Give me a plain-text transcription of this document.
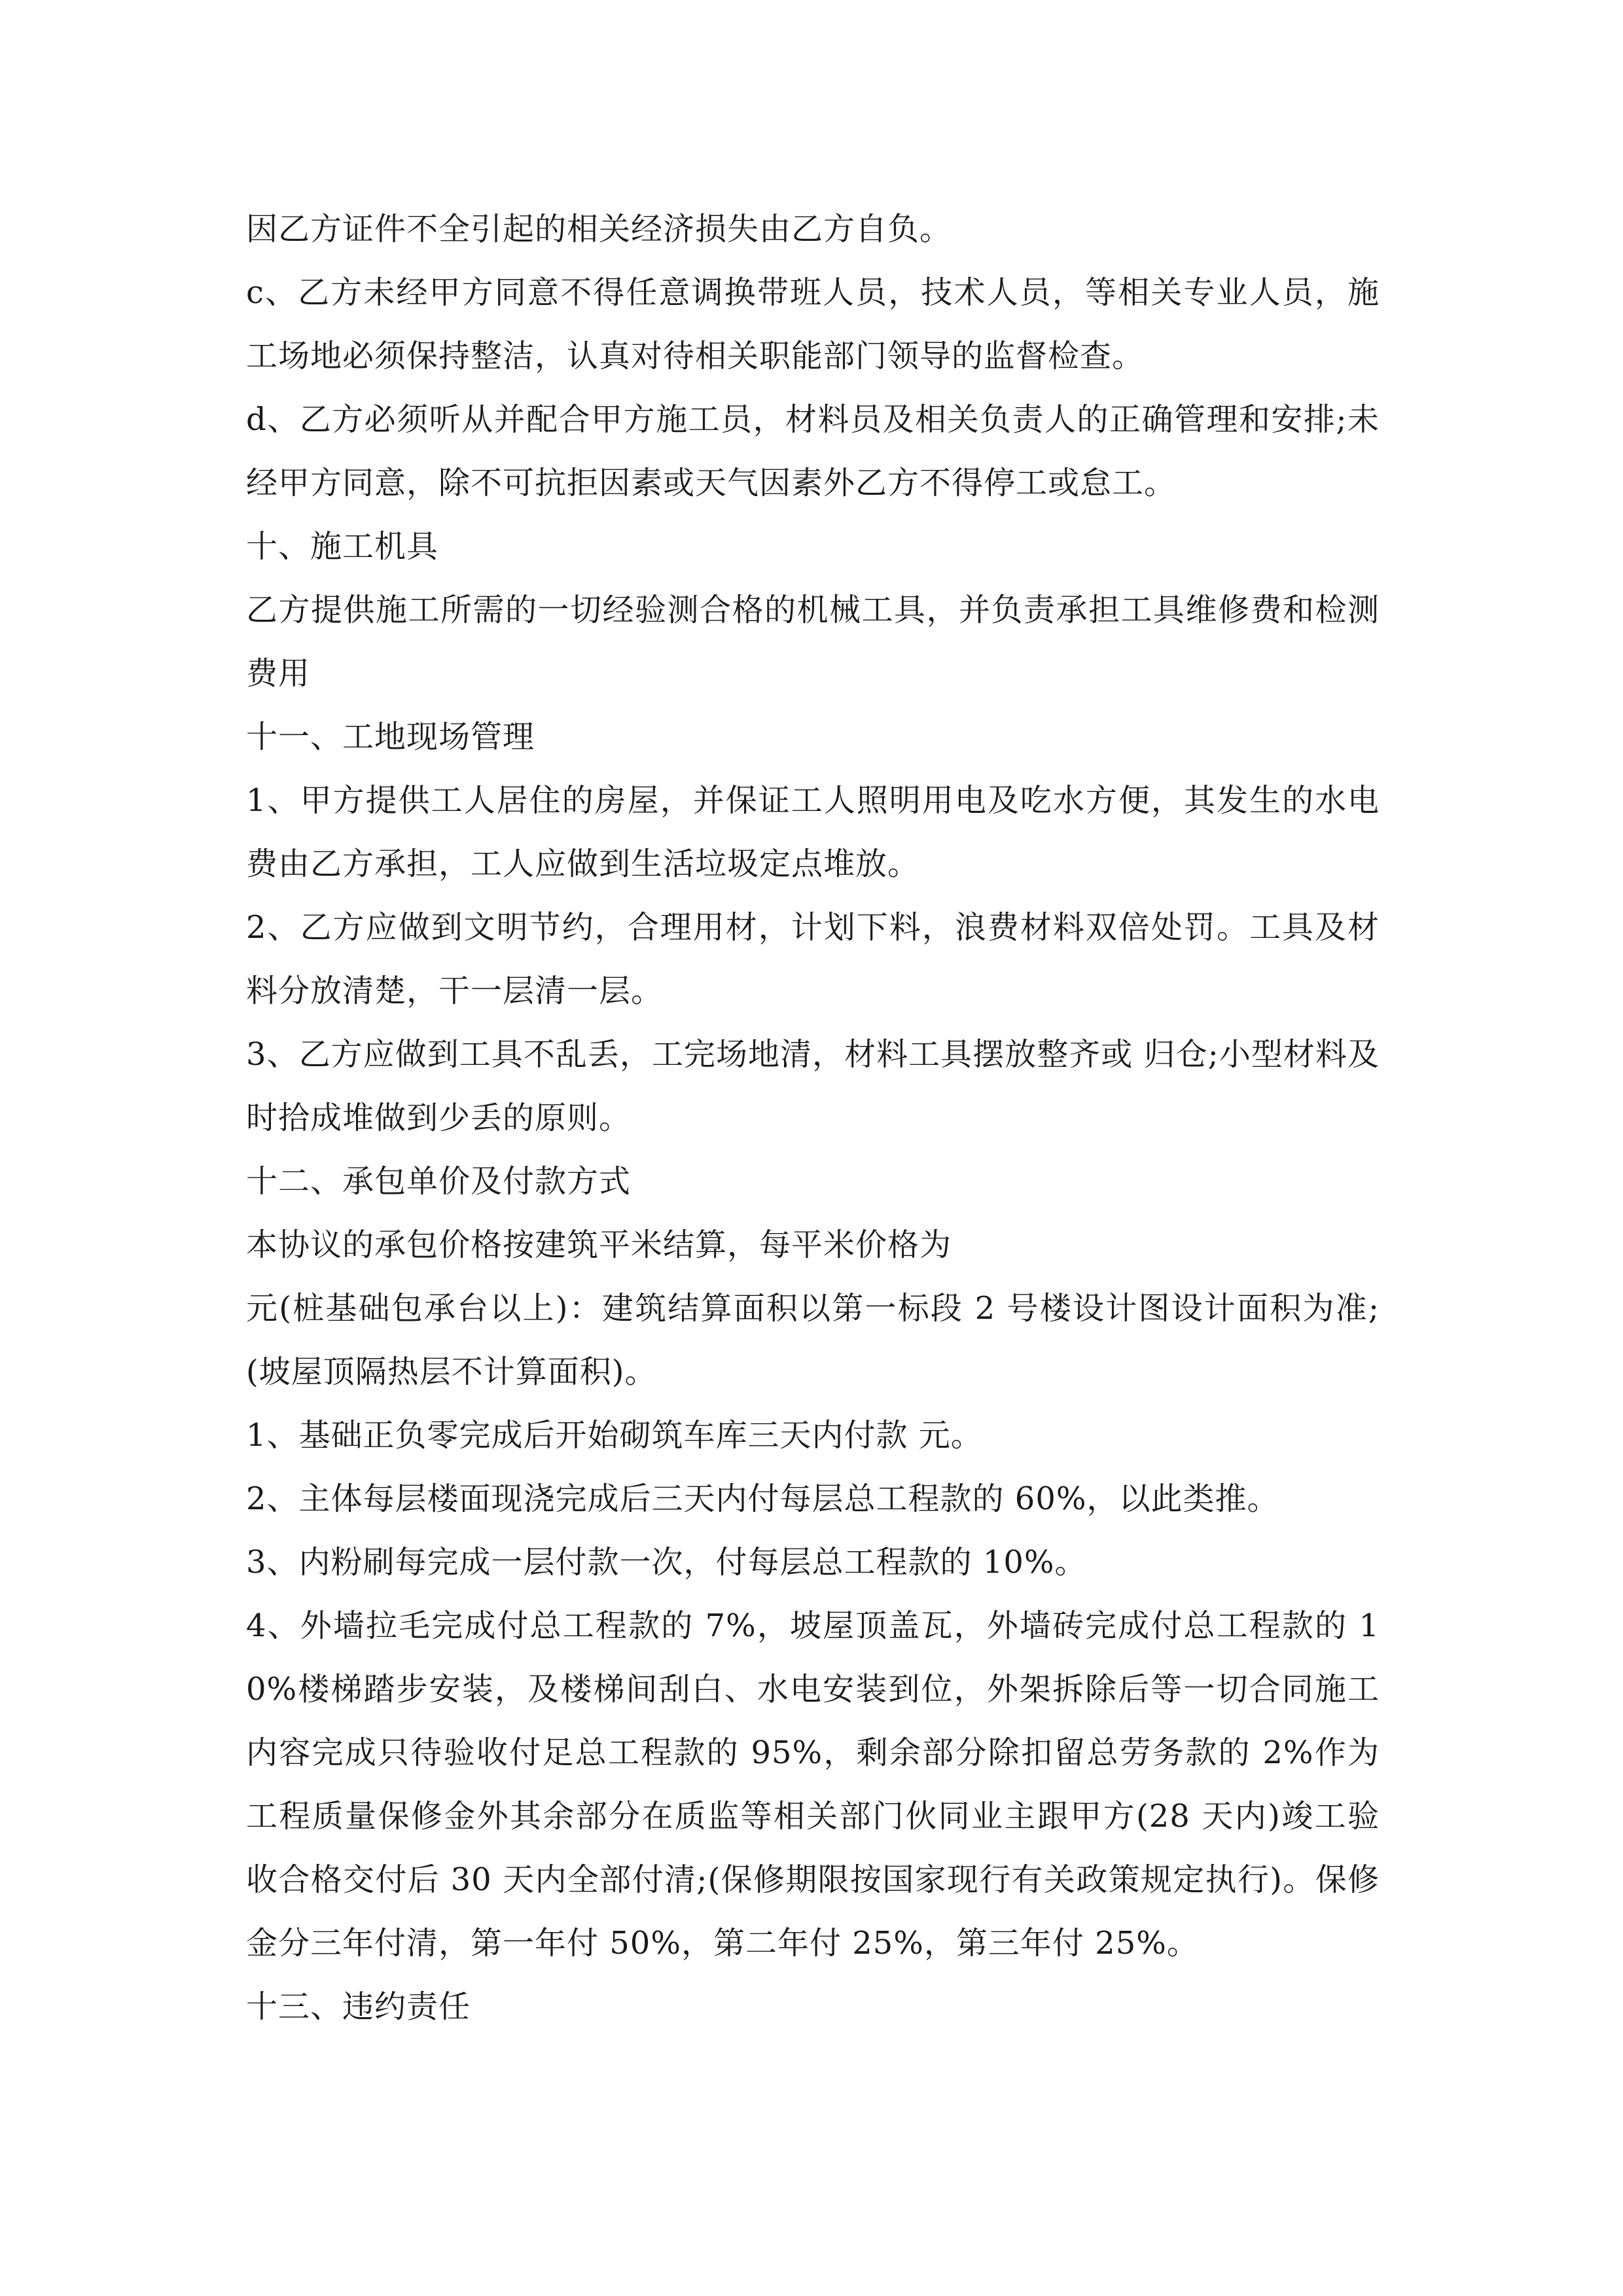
因乙方证件不全引起的相关经济损失由乙方自负。

c、乙方未经甲方同意不得任意调换带班人员，技术人员，等相关专业人员，施工场地必须保持整洁，认真对待相关职能部门领导的监督检查。

d、乙方必须听从并配合甲方施工员，材料员及相关负责人的正确管理和安排;未经甲方同意，除不可抗拒因素或天气因素外乙方不得停工或怠工。

十、施工机具

乙方提供施工所需的一切经验测合格的机械工具，并负责承担工具维修费和检测费用

十一、工地现场管理

1、甲方提供工人居住的房屋，并保证工人照明用电及吃水方便，其发生的水电费由乙方承担，工人应做到生活垃圾定点堆放。

2、乙方应做到文明节约，合理用材，计划下料，浪费材料双倍处罚。工具及材料分放清楚，干一层清一层。

3、乙方应做到工具不乱丢，工完场地清，材料工具摆放整齐或 归仓;小型材料及时拾成堆做到少丢的原则。

十二、承包单价及付款方式

本协议的承包价格按建筑平米结算，每平米价格为

元(桩基础包承台以上)：建筑结算面积以第一标段 2 号楼设计图设计面积为准;(坡屋顶隔热层不计算面积)。

1、基础正负零完成后开始砌筑车库三天内付款 元。

2、主体每层楼面现浇完成后三天内付每层总工程款的 60%，以此类推。

3、内粉刷每完成一层付款一次，付每层总工程款的 10%。

4、外墙拉毛完成付总工程款的 7%，坡屋顶盖瓦，外墙砖完成付总工程款的 10%楼梯踏步安装，及楼梯间刮白、水电安装到位，外架拆除后等一切合同施工内容完成只待验收付足总工程款的 95%，剩余部分除扣留总劳务款的 2%作为工程质量保修金外其余部分在质监等相关部门伙同业主跟甲方(28 天内)竣工验收合格交付后 30 天内全部付清;(保修期限按国家现行有关政策规定执行)。保修金分三年付清，第一年付 50%，第二年付 25%，第三年付 25%。

十三、违约责任
